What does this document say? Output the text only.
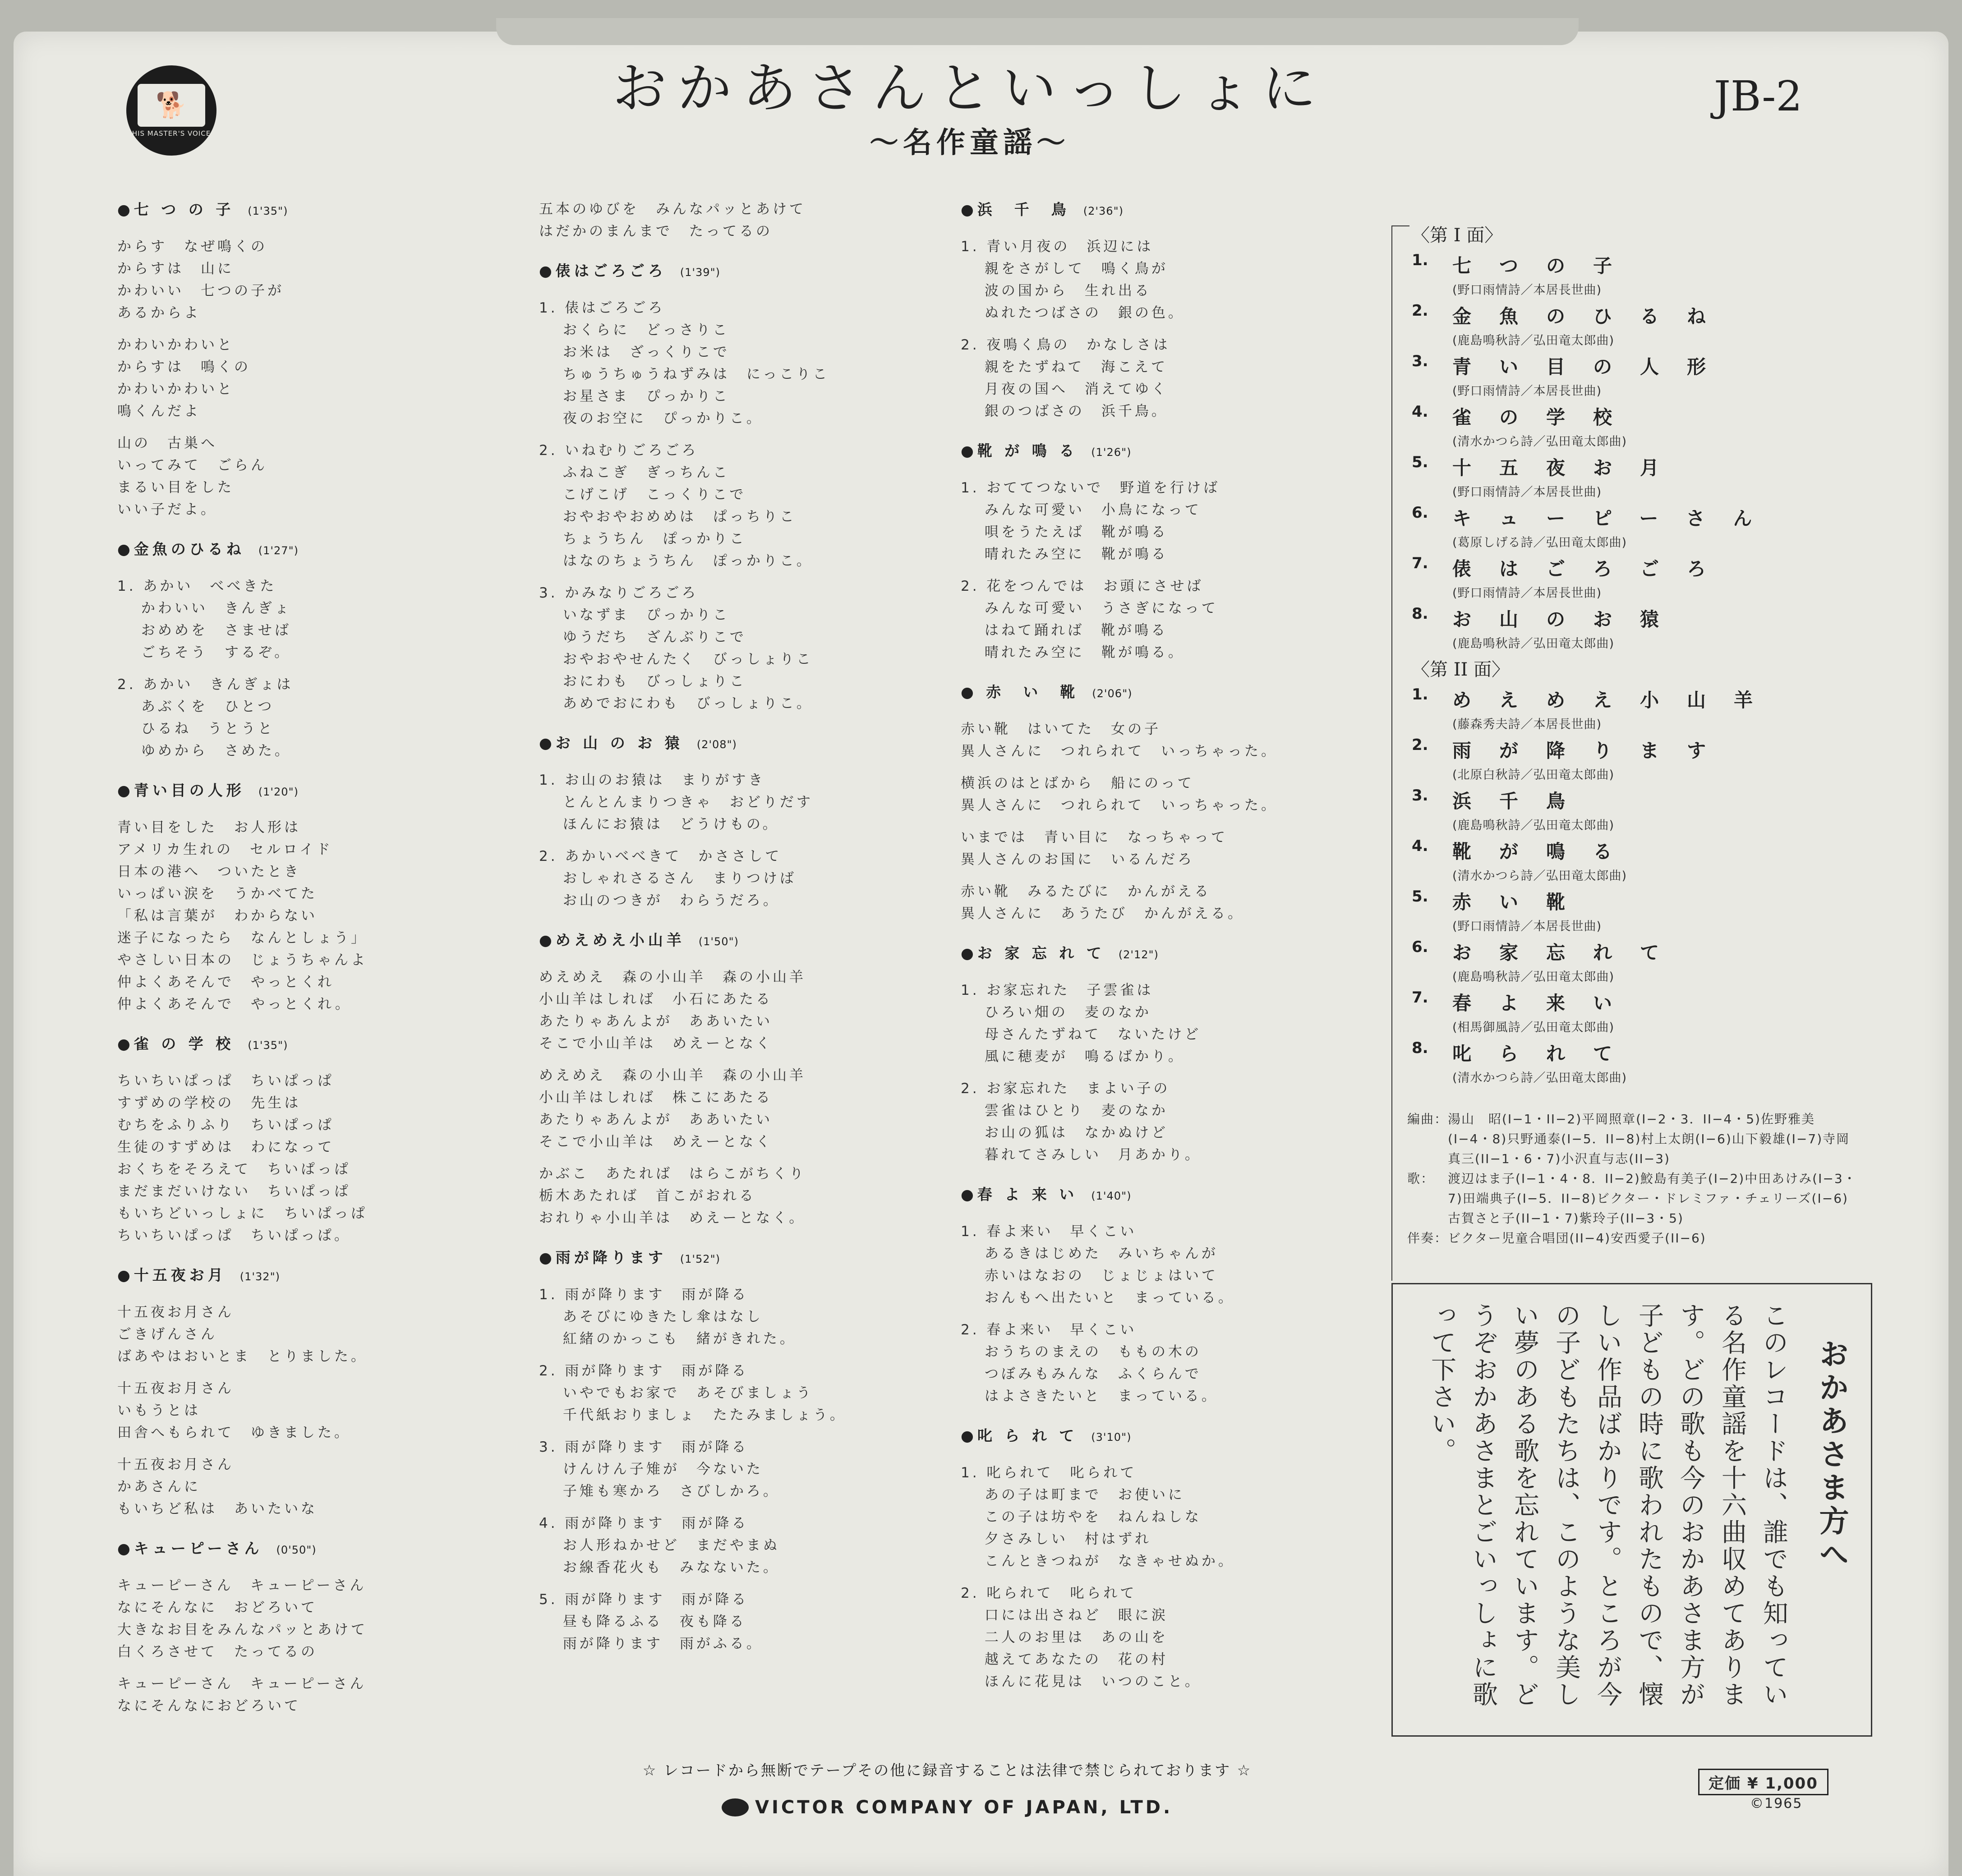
🐕
HIS MASTER'S VOICE
おかあさんといっしょに
〜名作童謡〜
JB-2
●七 つ の 子 (1'35")
からす　なぜ鳴くの
からすは　山に
かわいい　七つの子が
あるからよ
かわいかわいと
からすは　鳴くの
かわいかわいと
鳴くんだよ
山の　古巣へ
いってみて　ごらん
まるい目をした
いい子だよ。
●金魚のひるね (1'27")
1. あかい　べべきた
　 かわいい　きんぎょ
　 おめめを　さませば
　 ごちそう　するぞ。
2. あかい　きんぎょは
　 あぶくを　ひとつ
　 ひるね　うとうと
　 ゆめから　さめた。
●青い目の人形 (1'20")
青い目をした　お人形は
アメリカ生れの　セルロイド
日本の港へ　ついたとき
いっぱい涙を　うかべてた
「私は言葉が　わからない
迷子になったら　なんとしょう」
やさしい日本の　じょうちゃんよ
仲よくあそんで　やっとくれ
仲よくあそんで　やっとくれ。
●雀 の 学 校 (1'35")
ちいちいぱっぱ　ちいぱっぱ
すずめの学校の　先生は
むちをふりふり　ちいぱっぱ
生徒のすずめは　わになって
おくちをそろえて　ちいぱっぱ
まだまだいけない　ちいぱっぱ
もいちどいっしょに　ちいぱっぱ
ちいちいぱっぱ　ちいぱっぱ。
●十五夜お月 (1'32")
十五夜お月さん
ごきげんさん
ばあやはおいとま　とりました。
十五夜お月さん
いもうとは
田舎へもられて　ゆきました。
十五夜お月さん
かあさんに
もいちど私は　あいたいな
●キューピーさん (0'50")
キューピーさん　キューピーさん
なにそんなに　おどろいて
大きなお目をみんなパッとあけて
白くろさせて　たってるの
キューピーさん　キューピーさん
なにそんなにおどろいて
五本のゆびを　みんなパッとあけて
はだかのまんまで　たってるの
●俵はごろごろ (1'39")
1. 俵はごろごろ
　 おくらに　どっさりこ
　 お米は　ざっくりこで
　 ちゅうちゅうねずみは　にっこりこ
　 お星さま　ぴっかりこ
　 夜のお空に　ぴっかりこ。
2. いねむりごろごろ
　 ふねこぎ　ぎっちんこ
　 こげこげ　こっくりこで
　 おやおやおめめは　ぱっちりこ
　 ちょうちん　ぽっかりこ
　 はなのちょうちん　ぽっかりこ。
3. かみなりごろごろ
　 いなずま　ぴっかりこ
　 ゆうだち　ざんぶりこで
　 おやおやせんたく　びっしょりこ
　 おにわも　びっしょりこ
　 あめでおにわも　びっしょりこ。
●お 山 の お 猿 (2'08")
1. お山のお猿は　まりがすき
　 とんとんまりつきゃ　おどりだす
　 ほんにお猿は　どうけもの。
2. あかいべべきて　かささして
　 おしゃれさるさん　まりつけば
　 お山のつきが　わらうだろ。
●めえめえ小山羊 (1'50")
めえめえ　森の小山羊　森の小山羊
小山羊はしれば　小石にあたる
あたりゃあんよが　ああいたい
そこで小山羊は　めえーとなく
めえめえ　森の小山羊　森の小山羊
小山羊はしれば　株こにあたる
あたりゃあんよが　ああいたい
そこで小山羊は　めえーとなく
かぶこ　あたれば　はらこがちくり
栃木あたれば　首こがおれる
おれりゃ小山羊は　めえーとなく。
●雨が降ります (1'52")
1. 雨が降ります　雨が降る
　 あそびにゆきたし傘はなし
　 紅緒のかっこも　緒がきれた。
2. 雨が降ります　雨が降る
　 いやでもお家で　あそびましょう
　 千代紙おりましょ　たたみましょう。
3. 雨が降ります　雨が降る
　 けんけん子雉が　今ないた
　 子雉も寒かろ　さびしかろ。
4. 雨が降ります　雨が降る
　 お人形ねかせど　まだやまぬ
　 お線香花火も　みなないた。
5. 雨が降ります　雨が降る
　 昼も降るふる　夜も降る
　 雨が降ります　雨がふる。
●浜　千　鳥 (2'36")
1. 青い月夜の　浜辺には
　 親をさがして　鳴く鳥が
　 波の国から　生れ出る
　 ぬれたつばさの　銀の色。
2. 夜鳴く鳥の　かなしさは
　 親をたずねて　海こえて
　 月夜の国へ　消えてゆく
　 銀のつばさの　浜千鳥。
●靴 が 鳴 る (1'26")
1. おててつないで　野道を行けば
　 みんな可愛い　小鳥になって
　 唄をうたえば　靴が鳴る
　 晴れたみ空に　靴が鳴る
2. 花をつんでは　お頭にさせば
　 みんな可愛い　うさぎになって
　 はねて踊れば　靴が鳴る
　 晴れたみ空に　靴が鳴る。
● 赤　い　靴 (2'06")
赤い靴　はいてた　女の子
異人さんに　つれられて　いっちゃった。
横浜のはとばから　船にのって
異人さんに　つれられて　いっちゃった。
いまでは　青い目に　なっちゃって
異人さんのお国に　いるんだろ
赤い靴　みるたびに　かんがえる
異人さんに　あうたび　かんがえる。
●お 家 忘 れ て (2'12")
1. お家忘れた　子雲雀は
　 ひろい畑の　麦のなか
　 母さんたずねて　ないたけど
　 風に穂麦が　鳴るばかり。
2. お家忘れた　まよい子の
　 雲雀はひとり　麦のなか
　 お山の狐は　なかぬけど
　 暮れてさみしい　月あかり。
●春 よ 来 い (1'40")
1. 春よ来い　早くこい
　 あるきはじめた　みいちゃんが
　 赤いはなおの　じょじょはいて
　 おんもへ出たいと　まっている。
2. 春よ来い　早くこい
　 おうちのまえの　ももの木の
　 つぼみもみんな　ふくらんで
　 はよさきたいと　まっている。
●叱 ら れ て (3'10")
1. 叱られて　叱られて
　 あの子は町まで　お使いに
　 この子は坊やを　ねんねしな
　 夕さみしい　村はずれ
　 こんときつねが　なきゃせぬか。
2. 叱られて　叱られて
　 口には出さねど　眼に涙
　 二人のお里は　あの山を
　 越えてあなたの　花の村
　 ほんに花見は　いつのこと。
〈第 I 面〉
1.	七つの子
(野口雨情詩／本居長世曲)
2.	金魚のひるね
(鹿島鳴秋詩／弘田竜太郎曲)
3.	青い目の人形
(野口雨情詩／本居長世曲)
4.	雀の学校
(清水かつら詩／弘田竜太郎曲)
5.	十五夜お月
(野口雨情詩／本居長世曲)
6.	キューピーさん
(葛原しげる詩／弘田竜太郎曲)
7.	俵はごろごろ
(野口雨情詩／本居長世曲)
8.	お山のお猿
(鹿島鳴秋詩／弘田竜太郎曲)
〈第 II 面〉
1.	めえめえ小山羊
(藤森秀夫詩／本居長世曲)
2.	雨が降ります
(北原白秋詩／弘田竜太郎曲)
3.	浜千鳥
(鹿島鳴秋詩／弘田竜太郎曲)
4.	靴が鳴る
(清水かつら詩／弘田竜太郎曲)
5.	赤い靴
(野口雨情詩／本居長世曲)
6.	お家忘れて
(鹿島鳴秋詩／弘田竜太郎曲)
7.	春よ来い
(相馬御風詩／弘田竜太郎曲)
8.	叱られて
(清水かつら詩／弘田竜太郎曲)
編曲： 湯山　昭(I−1・II−2)平岡照章(I−2・3．II−4・5)佐野雅美(I−4・8)只野通泰(I−5．II−8)村上太朗(I−6)山下毅雄(I−7)寺岡真三(II−1・6・7)小沢直与志(II−3)
歌：	渡辺はま子(I−1・4・8．II−2)鮫島有美子(I−2)中田あけみ(I−3・7)田端典子(I−5．II−8)ビクター・ドレミファ・チェリーズ(I−6)古賀さと子(II−1・7)紫玲子(II−3・5)
伴奏： ビクター児童合唱団(II−4)安西愛子(II−6)
おかあさま方へ
このレコードは、誰でも知っている名作童謡を十六曲収めてあります。どの歌も今のおかあさま方が子どもの時に歌われたもので、懐しい作品ばかりです。ところが今の子どもたちは、このような美しい夢のある歌を忘れています。どうぞおかあさまとごいっしょに歌って下さい。
☆ レコードから無断でテープその他に録音することは法律で禁じられております ☆
VICTOR COMPANY OF JAPAN, LTD.
定価 ¥ 1,000
©1965
